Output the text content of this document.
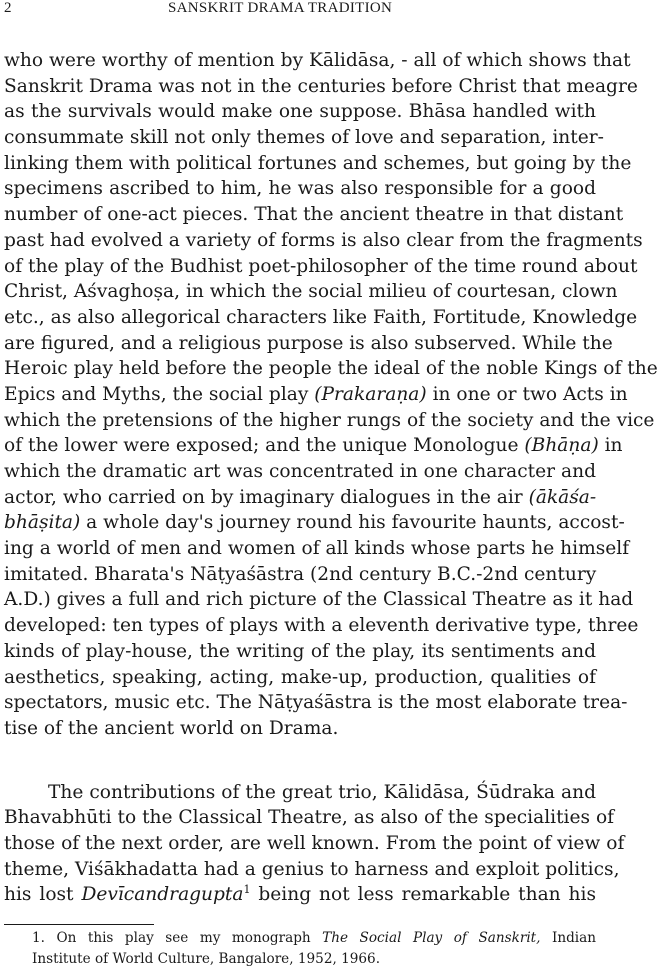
2	SANSKRIT DRAMA TRADITION
who were worthy of mention by Kālidāsa, - all of which shows that
Sanskrit Drama was not in the centuries before Christ that meagre
as the survivals would make one suppose. Bhāsa handled with
consummate skill not only themes of love and separation, inter-
linking them with political fortunes and schemes, but going by the
specimens ascribed to him, he was also responsible for a good
number of one-act pieces. That the ancient theatre in that distant
past had evolved a variety of forms is also clear from the fragments
of the play of the Budhist poet-philosopher of the time round about
Christ, Aśvaghoṣa, in which the social milieu of courtesan, clown
etc., as also allegorical characters like Faith, Fortitude, Knowledge
are figured, and a religious purpose is also subserved. While the
Heroic play held before the people the ideal of the noble Kings of the
Epics and Myths, the social play (Prakaraṇa) in one or two Acts in
which the pretensions of the higher rungs of the society and the vice
of the lower were exposed; and the unique Monologue (Bhāṇa) in
which the dramatic art was concentrated in one character and
actor, who carried on by imaginary dialogues in the air (ākāśa-
bhāṣita) a whole day's journey round his favourite haunts, accost-
ing a world of men and women of all kinds whose parts he himself
imitated. Bharata's Nāṭyaśāstra (2nd century B.C.-2nd century
A.D.) gives a full and rich picture of the Classical Theatre as it had
developed: ten types of plays with a eleventh derivative type, three
kinds of play-house, the writing of the play, its sentiments and
aesthetics, speaking, acting, make-up, production, qualities of
spectators, music etc. The Nāṭyaśāstra is the most elaborate trea-
tise of the ancient world on Drama.
The contributions of the great trio, Kālidāsa, Śūdraka and
Bhavabhūti to the Classical Theatre, as also of the specialities of
those of the next order, are well known. From the point of view of
theme, Viśākhadatta had a genius to harness and exploit politics,
his lost Devīcandragupta$^1$ being not less remarkable than his
1. On this play see my monograph The Social Play of Sanskrit, Indian
Institute of World Culture, Bangalore, 1952, 1966.
